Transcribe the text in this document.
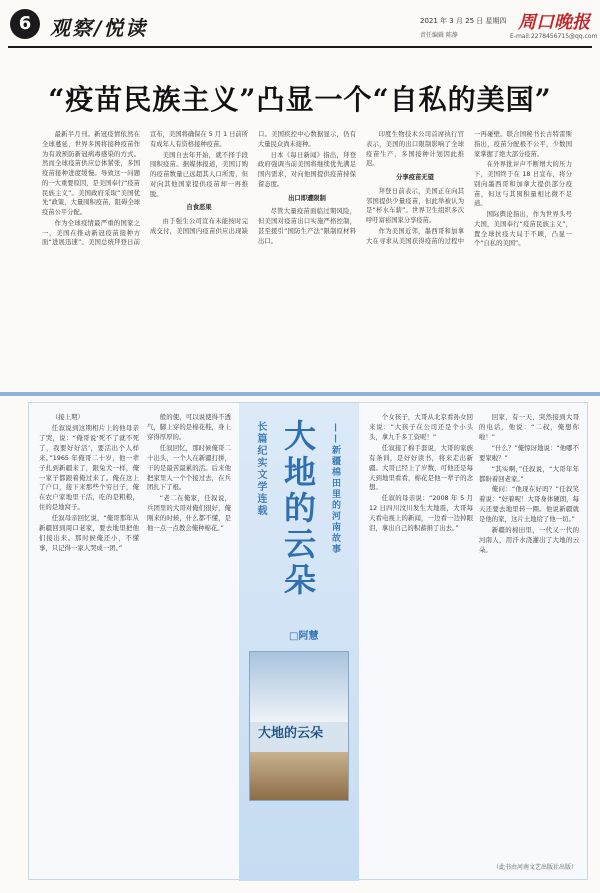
6 观察/悦读	2021 年 3 月 25 日 星期四
责任编辑 陈静
周口晚报
E-mail:2278456715@qq.com
“疫苗民族主义”凸显一个“自私的美国”

最新半月刊。新冠疫情依然在全球蔓延，世界多国将接种疫苗作为有效预防新冠病毒感染的方式。然而全球疫苗供应总体紧张，多国疫苗接种进度缓慢。导致这一问题的一大重要原因，是美国奉行“疫苗民族主义”。美国政府采取“美国优先”政策，大量囤积疫苗，阻碍全球疫苗公平分配。

作为全球疫情最严重的国家之一，美国在推动新冠疫苗接种方面“进展迅速”。美国总统拜登日前宣布，美国将确保在 5 月 1 日前所有成年人有资格接种疫苗。

美国自去年开始，就不择手段囤积疫苗。据媒体报道，美国订购的疫苗数量已远超其人口所需，但对向其他国家提供疫苗却一再推脱。

自食恶果

由于强生公司宣布未能按时完成交付，美国国内疫苗供应出现缺口。美国疾控中心数据显示，仍有大量民众尚未接种。

日本《每日新闻》指出，拜登政府强调当前美国将继续优先满足国内需求，对向他国提供疫苗持保留态度。

出口即遭限制

尽管大量疫苗面临过期风险，但美国对疫苗出口实施严格控制，甚至援引“国防生产法”限制原材料出口。

印度生物技术公司首席执行官表示，美国的出口限制影响了全球疫苗生产，多国接种计划因此推迟。

分享疫苗无望

拜登日前表示，美国正在向其邻国提供少量疫苗，但此举被认为是“杯水车薪”。世界卫生组织多次呼吁富裕国家分享疫苗。

作为美国近邻，墨西哥和加拿大在寻求从美国获得疫苗的过程中一再碰壁。联合国秘书长古特雷斯指出，疫苗分配极不公平，少数国家掌握了绝大部分疫苗。

在外界批评声不断增大的压力下，美国终于在 18 日宣布，将分别向墨西哥和加拿大提供部分疫苗，但这与其囤积量相比微不足道。

国际舆论指出，作为世界头号大国，美国奉行“疫苗民族主义”，置全球抗疫大局于不顾，凸显一个“自私的美国”。

（接上期）

任叙说到这期相片上的他母亲了哭，说：“俺哥说‘死不了就不死了，我要好好活’，要活出个人样来。”1965 年俺哥二十岁，他一辈子扎到新疆来了，跟兔犬一样，俺一家子都跟着俺过来了。俺在这上了户口，接下来那些个穷日子，俺在农户家地里干活，吃的是粗粮，住的是地窝子。

任叙母亲回忆说，“俺哥那年从新疆回到周口老家，要去地里把他们接出来。那时候俺还小，不懂事，只记得一家人哭成一团。”

般的使，可以说使得不透气，脚上穿的是棉花鞋，身上穿得厚厚的。

任叙回忆，那时候俺哥二十出头，一个人在新疆打拼，干的是最苦最累的活。后来他把家里人一个个接过去，在兵团扎下了根。

“老二在俺家，任叙说，兵团里的大哥对俺们很好，俺刚来的时候，什么都不懂，是他一点一点教会俺种棉花。”

长篇纪实文学连载 大地的云朵	——新疆棉田里的河南故事
□阿慧
大地的云朵

个女孩子，大哥从北京看孙女回来说：“大孩子在公司还是个小头头，拿九千多工资呢！”

任叙接了棉手套说，大哥的家族有条训，是好好读书，将来走出新疆。大哥已经上了岁数，可他还是每天到地里看看，棉花是他一辈子的念想。

任叙的母亲说：“2008 年 5 月 12 日四川汶川发生大地震，大哥每天看电视上的新闻，一边看一边掉眼泪，拿出自己的积蓄捐了出去。”

回家，有一天，突然接到大哥的电话，他说：“二叔，俺想你啦！”

“什么？”俺惊讶地说：“他哪不要家啦？”

“其实啊，”任叙说，“大哥年年都盼着回老家。”

俺问：“他现在好吗？”任叙笑着说：“好着呢！大哥身体硬朗，每天还要去地里转一圈。他说新疆就是他的家，这片土地给了他一切。”

新疆的棉田里，一代又一代的河南人，用汗水浇灌出了大地的云朵。

（此书由河南文艺出版社出版）
